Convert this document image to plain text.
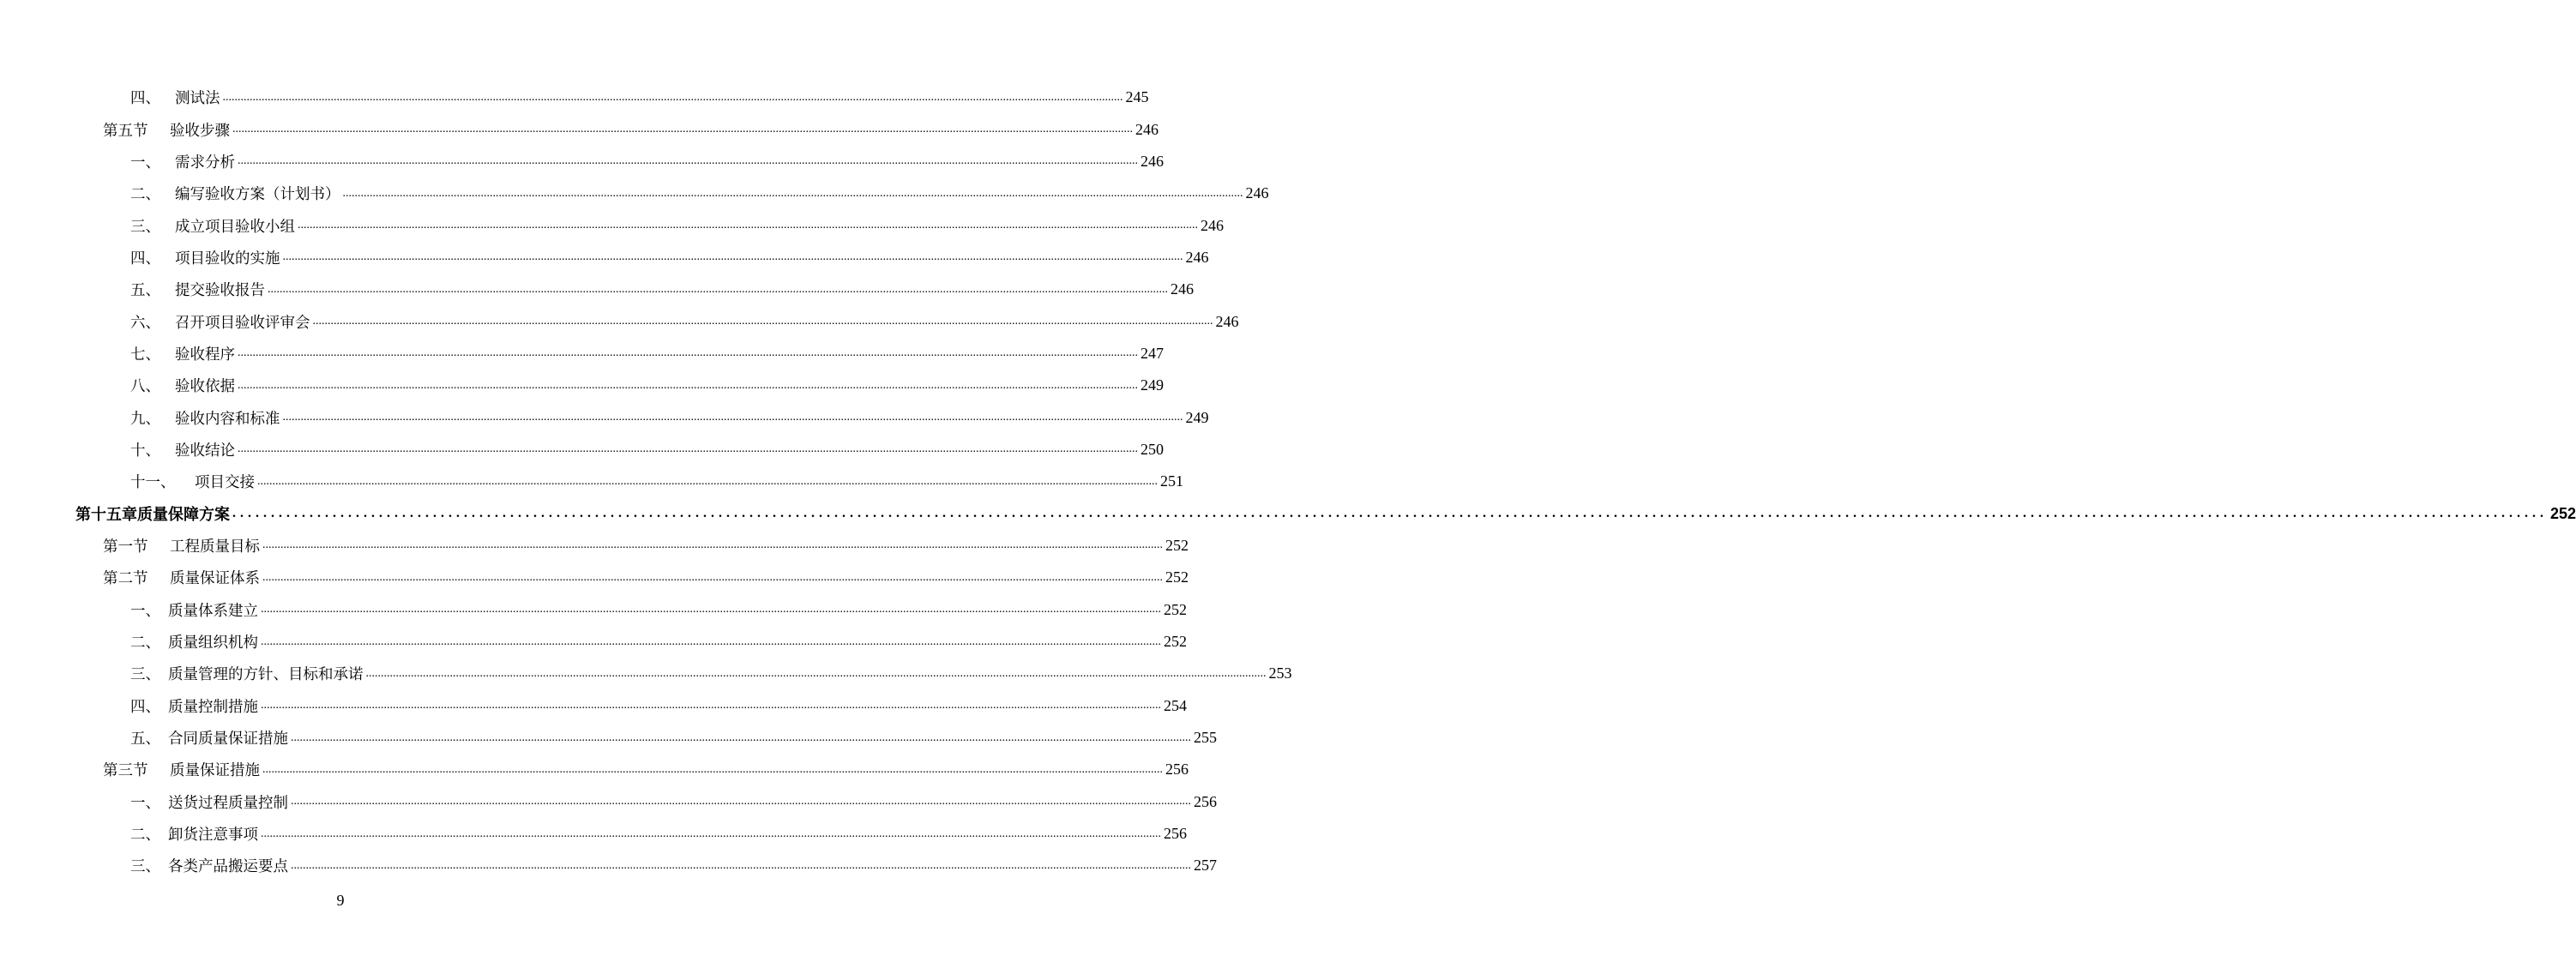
四、 测试法 ............................................................................................................................................................................................................................................................................................................ 245
第五节 验收步骤 ............................................................................................................................................................................................................................................................................................................ 246
一、 需求分析 ............................................................................................................................................................................................................................................................................................................ 246
二、 编写验收方案（计划书） ............................................................................................................................................................................................................................................................................................................ 246
三、 成立项目验收小组 ............................................................................................................................................................................................................................................................................................................ 246
四、 项目验收的实施 ............................................................................................................................................................................................................................................................................................................ 246
五、 提交验收报告 ............................................................................................................................................................................................................................................................................................................ 246
六、 召开项目验收评审会 ............................................................................................................................................................................................................................................................................................................ 246
七、 验收程序 ............................................................................................................................................................................................................................................................................................................ 247
八、 验收依据 ............................................................................................................................................................................................................................................................................................................ 249
九、 验收内容和标准 ............................................................................................................................................................................................................................................................................................................ 249
十、 验收结论 ............................................................................................................................................................................................................................................................................................................ 250
十一、 项目交接 ............................................................................................................................................................................................................................................................................................................ 251
第十五章质量保障方案 ............................................................................................................................................................................................................................................................................................................ 252
第一节 工程质量目标 ............................................................................................................................................................................................................................................................................................................ 252
第二节 质量保证体系 ............................................................................................................................................................................................................................................................................................................ 252
一、 质量体系建立 ............................................................................................................................................................................................................................................................................................................ 252
二、 质量组织机构 ............................................................................................................................................................................................................................................................................................................ 252
三、 质量管理的方针、目标和承诺 ............................................................................................................................................................................................................................................................................................................ 253
四、 质量控制措施 ............................................................................................................................................................................................................................................................................................................ 254
五、 合同质量保证措施 ............................................................................................................................................................................................................................................................................................................ 255
第三节 质量保证措施 ............................................................................................................................................................................................................................................................................................................ 256
一、 送货过程质量控制 ............................................................................................................................................................................................................................................................................................................ 256
二、 卸货注意事项 ............................................................................................................................................................................................................................................................................................................ 256
三、 各类产品搬运要点 ............................................................................................................................................................................................................................................................................................................ 257
9
